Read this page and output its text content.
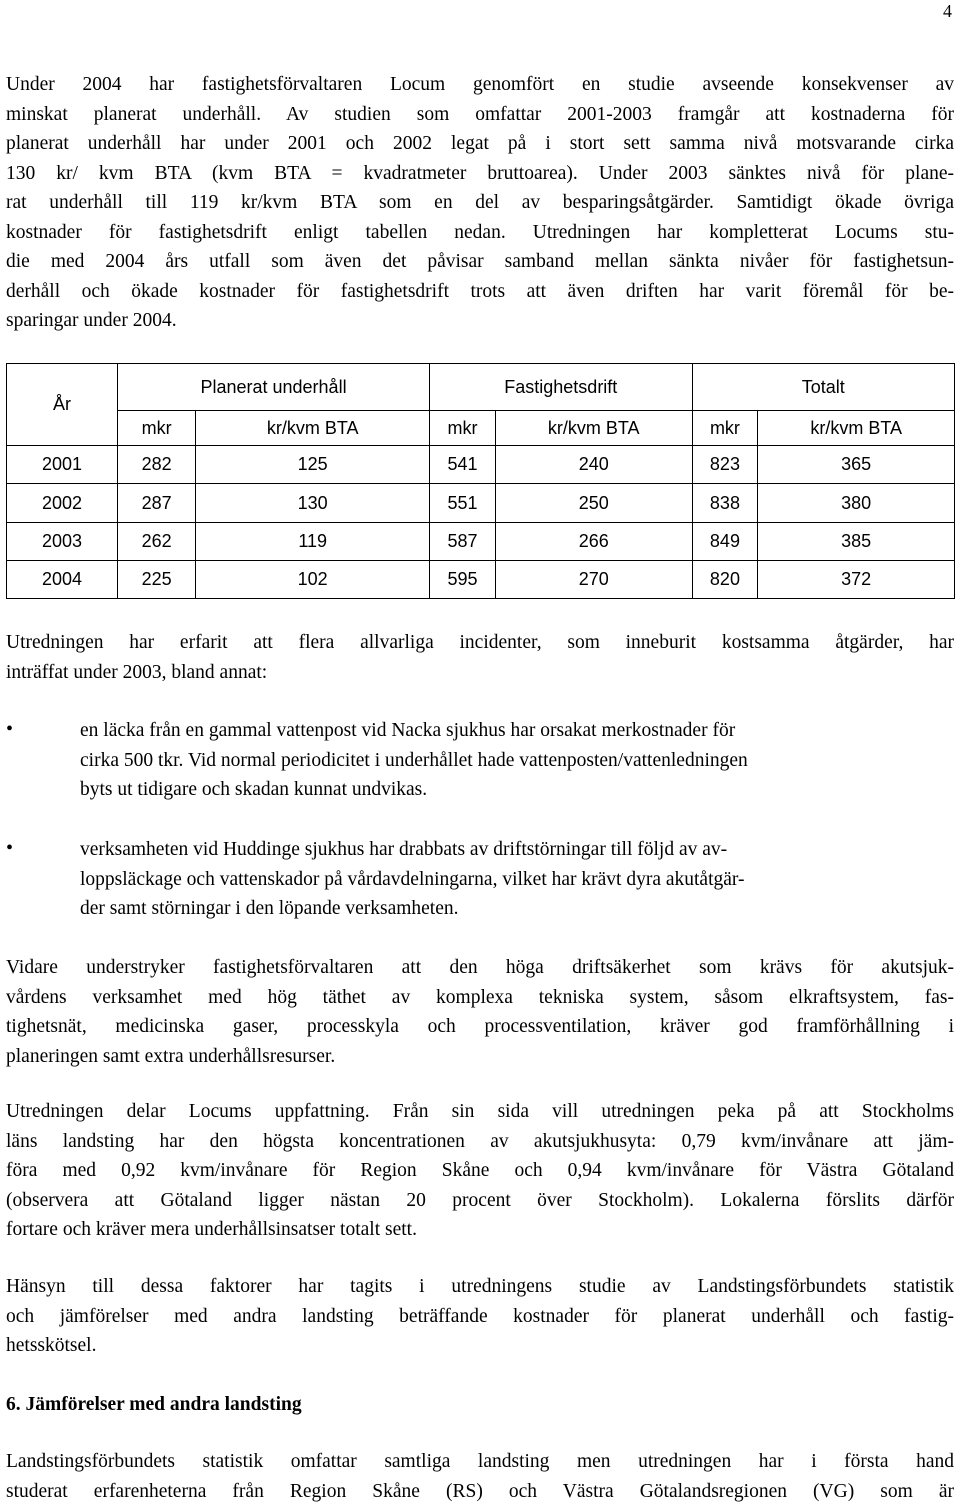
4

Under 2004 har fastighetsförvaltaren Locum genomfört en studie avseende konsekvenser av
minskat planerat underhåll. Av studien som omfattar 2001-2003 framgår att kostnaderna för
planerat underhåll har under 2001 och 2002 legat på i stort sett samma nivå motsvarande cirka
130 kr/ kvm BTA (kvm BTA = kvadratmeter bruttoarea). Under 2003 sänktes nivå för plane-
rat underhåll till 119 kr/kvm BTA som en del av besparingsåtgärder. Samtidigt ökade övriga
kostnader för fastighetsdrift enligt tabellen nedan. Utredningen har kompletterat Locums stu-
die med 2004 års utfall som även det påvisar samband mellan sänkta nivåer för fastighetsun-
derhåll och ökade kostnader för fastighetsdrift trots att även driften har varit föremål för be-
sparingar under 2004.

År	Planerat underhåll		Fastighetsdrift		Totalt	
	mkr	kr/kvm BTA	mkr	kr/kvm BTA	mkr	kr/kvm BTA
2001	282	125	541	240	823	365
2002	287	130	551	250	838	380
2003	262	119	587	266	849	385
2004	225	102	595	270	820	372

Utredningen har erfarit att flera allvarliga incidenter, som inneburit kostsamma åtgärder, har
inträffat under 2003, bland annat:

•	en läcka från en gammal vattenpost vid Nacka sjukhus har orsakat merkostnader för
cirka 500 tkr. Vid normal periodicitet i underhållet hade vattenposten/vattenledningen
byts ut tidigare och skadan kunnat undvikas.

•	verksamheten vid Huddinge sjukhus har drabbats av driftstörningar till följd av av-
loppsläckage och vattenskador på vårdavdelningarna, vilket har krävt dyra akutåtgär-
der samt störningar i den löpande verksamheten.

Vidare understryker fastighetsförvaltaren att den höga driftsäkerhet som krävs för akutsjuk-
vårdens verksamhet med hög täthet av komplexa tekniska system, såsom elkraftsystem, fas-
tighetsnät, medicinska gaser, processkyla och processventilation, kräver god framförhållning i
planeringen samt extra underhållsresurser.

Utredningen delar Locums uppfattning. Från sin sida vill utredningen peka på att Stockholms
läns landsting har den högsta koncentrationen av akutsjukhusyta: 0,79 kvm/invånare att jäm-
föra med 0,92 kvm/invånare för Region Skåne och 0,94 kvm/invånare för Västra Götaland
(observera att Götaland ligger nästan 20 procent över Stockholm). Lokalerna förslits därför
fortare och kräver mera underhållsinsatser totalt sett.

Hänsyn till dessa faktorer har tagits i utredningens studie av Landstingsförbundets statistik
och jämförelser med andra landsting beträffande kostnader för planerat underhåll och fastig-
hetsskötsel.

6. Jämförelser med andra landsting

Landstingsförbundets statistik omfattar samtliga landsting men utredningen har i första hand
studerat erfarenheterna från Region Skåne (RS) och Västra Götalandsregionen (VG) som är
